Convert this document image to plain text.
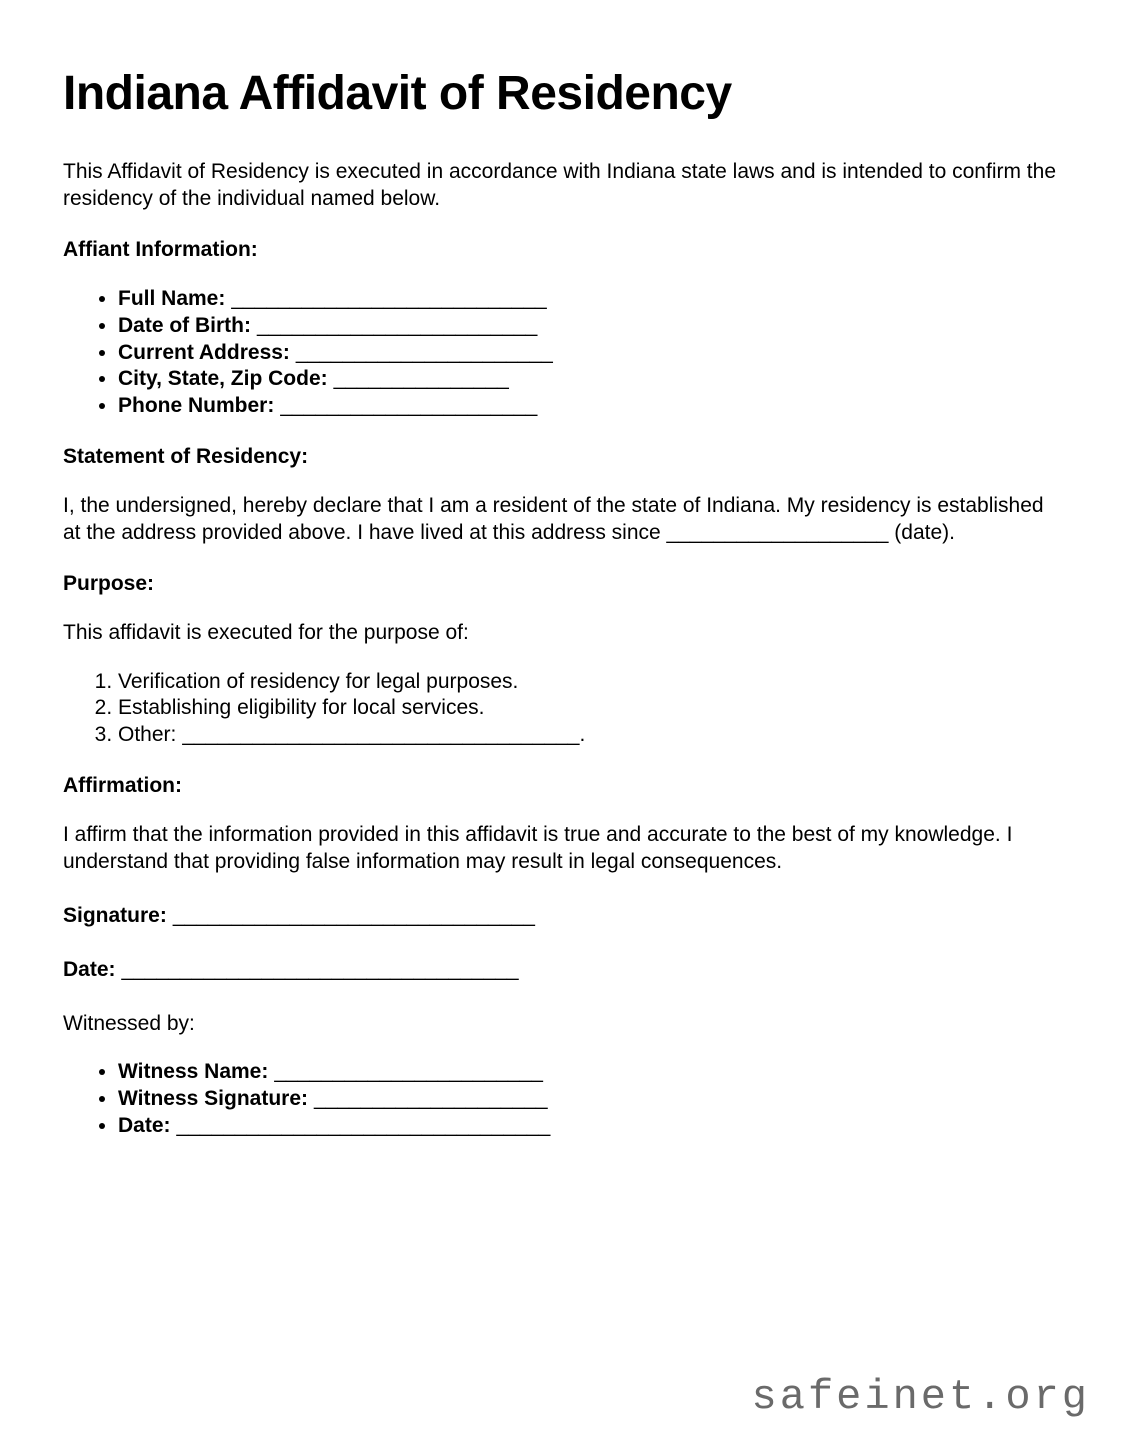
Indiana Affidavit of Residency

This Affidavit of Residency is executed in accordance with Indiana state laws and is intended to confirm the residency of the individual named below.

Affiant Information:

• Full Name: ___________________________
• Date of Birth: ________________________
• Current Address: ______________________
• City, State, Zip Code: _______________
• Phone Number: ______________________

Statement of Residency:

I, the undersigned, hereby declare that I am a resident of the state of Indiana. My residency is established at the address provided above. I have lived at this address since ___________________ (date).

Purpose:

This affidavit is executed for the purpose of:

1. Verification of residency for legal purposes.
2. Establishing eligibility for local services.
3. Other: __________________________________.

Affirmation:

I affirm that the information provided in this affidavit is true and accurate to the best of my knowledge. I understand that providing false information may result in legal consequences.

Signature: _______________________________

Date: __________________________________

Witnessed by:

• Witness Name: _______________________
• Witness Signature: ____________________
• Date: ________________________________
safeinet.org
